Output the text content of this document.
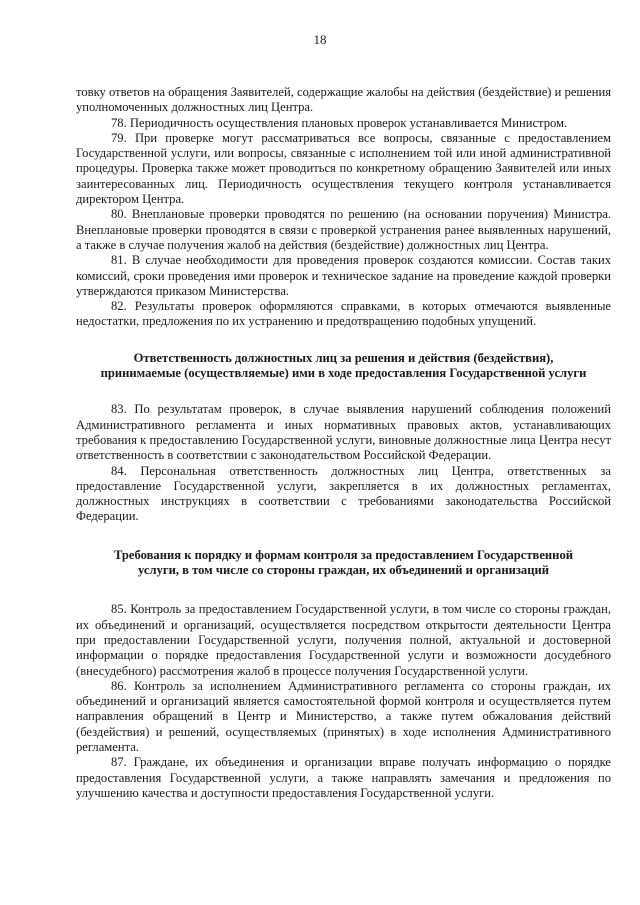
18

товку ответов на обращения Заявителей, содержащие жалобы на действия (бездействие) и решения уполномоченных должностных лиц Центра.

78. Периодичность осуществления плановых проверок устанавливается Министром.

79. При проверке могут рассматриваться все вопросы, связанные с предоставлением Государственной услуги, или вопросы, связанные с исполнением той или иной административной процедуры. Проверка также может проводиться по конкретному обращению Заявителей или иных заинтересованных лиц. Периодичность осуществления текущего контроля устанавливается директором Центра.

80. Внеплановые проверки проводятся по решению (на основании поручения) Министра. Внеплановые проверки проводятся в связи с проверкой устранения ранее выявленных нарушений, а также в случае получения жалоб на действия (бездействие) должностных лиц Центра.

81. В случае необходимости для проведения проверок создаются комиссии. Состав таких комиссий, сроки проведения ими проверок и техническое задание на проведение каждой проверки утверждаются приказом Министерства.

82. Результаты проверок оформляются справками, в которых отмечаются выявленные недостатки, предложения по их устранению и предотвращению подобных упущений.

Ответственность должностных лиц за решения и действия (бездействия),
принимаемые (осуществляемые) ими в ходе предоставления Государственной услуги

83. По результатам проверок, в случае выявления нарушений соблюдения положений Административного регламента и иных нормативных правовых актов, устанавливающих требования к предоставлению Государственной услуги, виновные должностные лица Центра несут ответственность в соответствии с законодательством Российской Федерации.

84. Персональная ответственность должностных лиц Центра, ответственных за предоставление Государственной услуги, закрепляется в их должностных регламентах, должностных инструкциях в соответствии с требованиями законодательства Российской Федерации.

Требования к порядку и формам контроля за предоставлением Государственной
услуги, в том числе со стороны граждан, их объединений и организаций

85. Контроль за предоставлением Государственной услуги, в том числе со стороны граждан, их объединений и организаций, осуществляется посредством открытости деятельности Центра при предоставлении Государственной услуги, получения полной, актуальной и достоверной информации о порядке предоставления Государственной услуги и возможности досудебного (внесудебного) рассмотрения жалоб в процессе получения Государственной услуги.

86. Контроль за исполнением Административного регламента со стороны граждан, их объединений и организаций является самостоятельной формой контроля и осуществляется путем направления обращений в Центр и Министерство, а также путем обжалования действий (бездействия) и решений, осуществляемых (принятых) в ходе исполнения Административного регламента.

87. Граждане, их объединения и организации вправе получать информацию о порядке предоставления Государственной услуги, а также направлять замечания и предложения по улучшению качества и доступности предоставления Государственной услуги.
